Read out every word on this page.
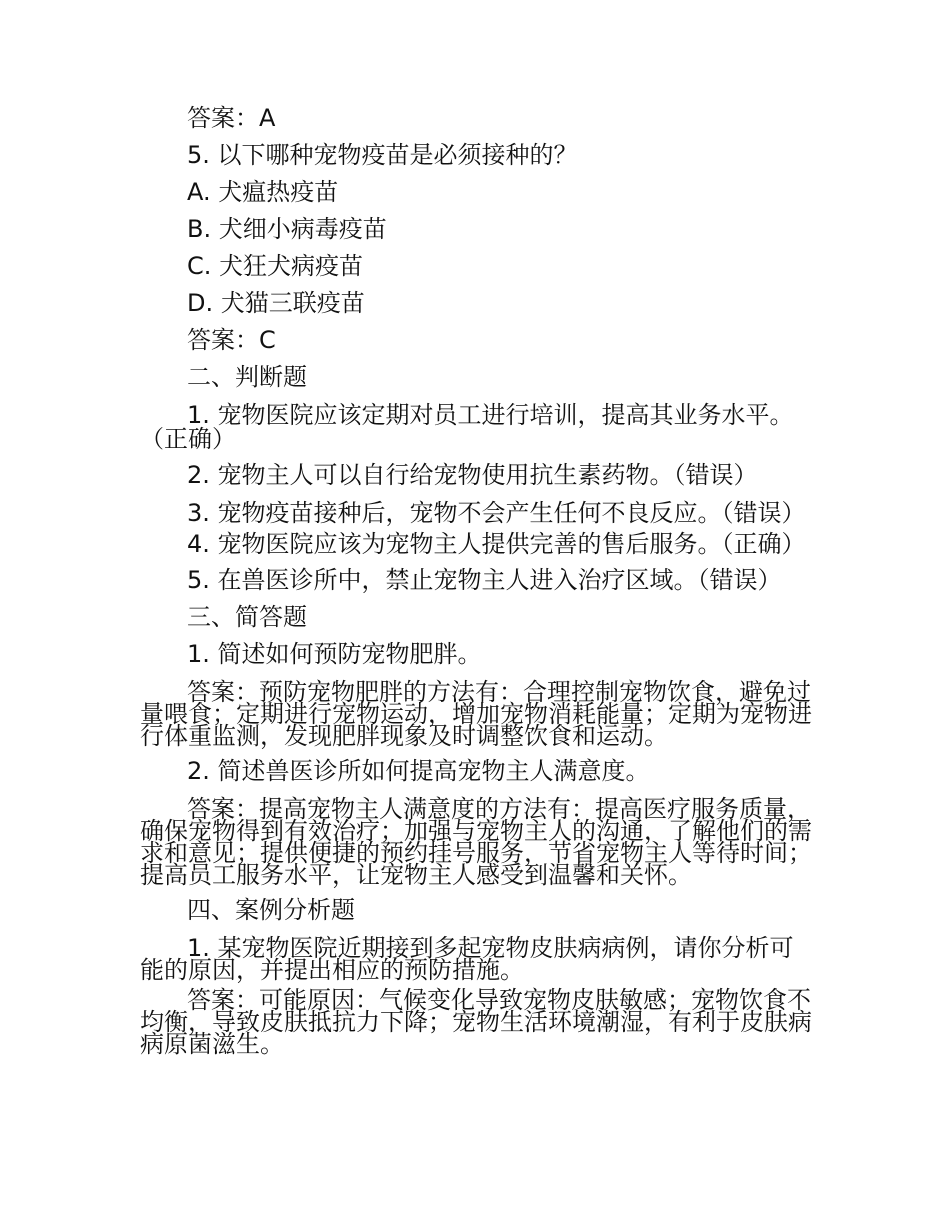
答案：A

5. 以下哪种宠物疫苗是必须接种的？

A. 犬瘟热疫苗

B. 犬细小病毒疫苗

C. 犬狂犬病疫苗

D. 犬猫三联疫苗

答案：C

二、判断题

1. 宠物医院应该定期对员工进行培训，提高其业务水平。（正确）

2. 宠物主人可以自行给宠物使用抗生素药物。（错误）

3. 宠物疫苗接种后，宠物不会产生任何不良反应。（错误）

4. 宠物医院应该为宠物主人提供完善的售后服务。（正确）

5. 在兽医诊所中，禁止宠物主人进入治疗区域。（错误）

三、简答题

1. 简述如何预防宠物肥胖。

答案：预防宠物肥胖的方法有：合理控制宠物饮食，避免过量喂食；定期进行宠物运动，增加宠物消耗能量；定期为宠物进行体重监测，发现肥胖现象及时调整饮食和运动。

2. 简述兽医诊所如何提高宠物主人满意度。

答案：提高宠物主人满意度的方法有：提高医疗服务质量，确保宠物得到有效治疗；加强与宠物主人的沟通，了解他们的需求和意见；提供便捷的预约挂号服务，节省宠物主人等待时间；提高员工服务水平，让宠物主人感受到温馨和关怀。

四、案例分析题

1. 某宠物医院近期接到多起宠物皮肤病病例，请你分析可能的原因，并提出相应的预防措施。

答案：可能原因：气候变化导致宠物皮肤敏感；宠物饮食不均衡，导致皮肤抵抗力下降；宠物生活环境潮湿，有利于皮肤病病原菌滋生。
